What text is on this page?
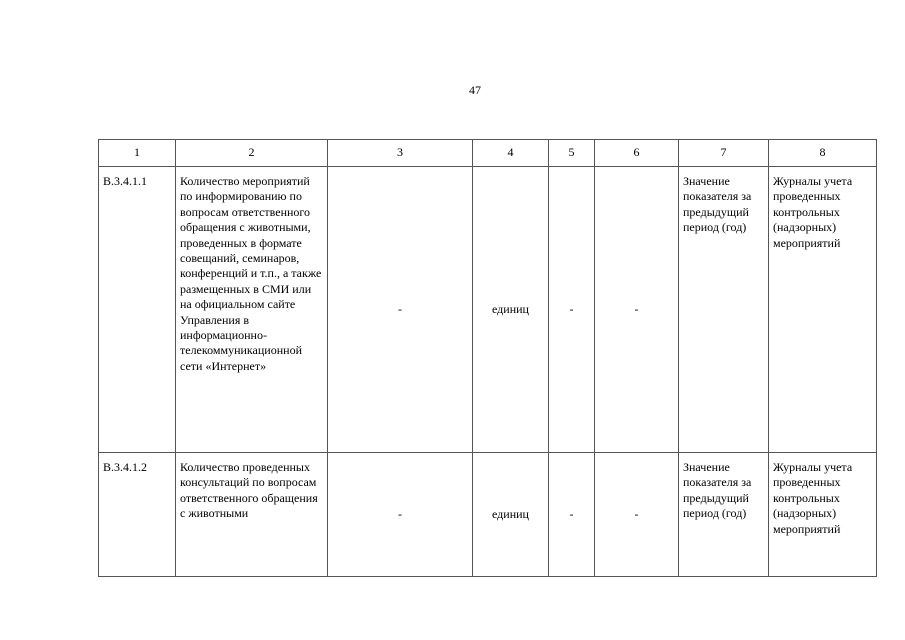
47
1	2	3	4	5	6	7	8

В.3.4.1.1	Количество мероприятий по информированию по вопросам ответственного обращения с животными, проведенных в формате совещаний, семинаров, конференций и т.п., а также размещенных в СМИ или на официальном сайте Управления в информационно-телекоммуникационной сети «Интернет»	-	единиц	-	-	Значение показателя за предыдущий период (год)	Журналы учета проведенных контрольных (надзорных) мероприятий

В.3.4.1.2	Количество проведенных консультаций по вопросам ответственного обращения с животными	-	единиц	-	-	Значение показателя за предыдущий период (год)	Журналы учета проведенных контрольных (надзорных) мероприятий
